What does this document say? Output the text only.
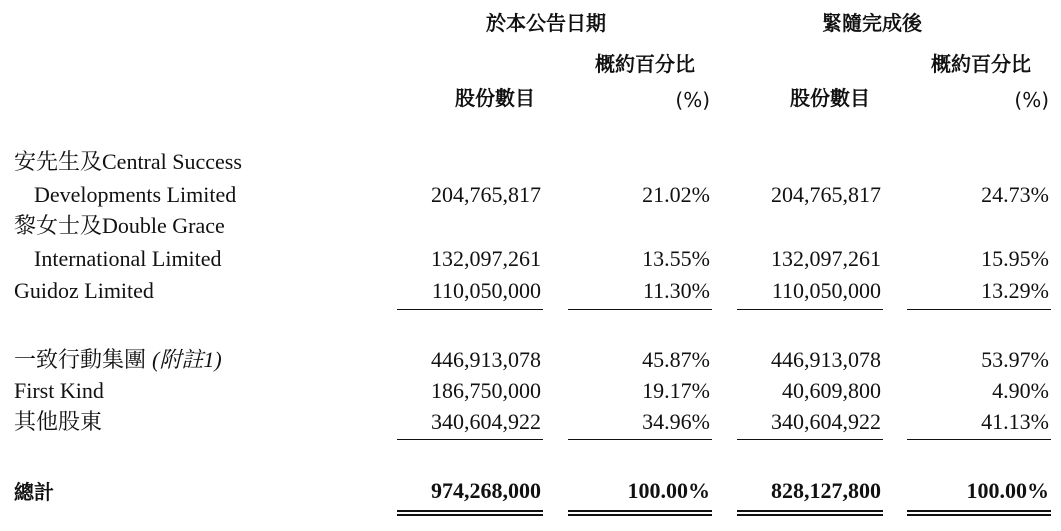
於本公告日期	緊隨完成後
概約百分比	概約百分比
股份數目	股份數目
(%)	(%)
安先生及Central Success
Developments Limited	204,765,817	21.02%	204,765,817	24.73%
黎女士及Double Grace
International Limited	132,097,261	13.55%	132,097,261	15.95%
Guidoz Limited	110,050,000	11.30%	110,050,000	13.29%
一致行動集團 (附註1)	446,913,078	45.87%	446,913,078	53.97%
First Kind	186,750,000	19.17%	40,609,800	4.90%
其他股東	340,604,922	34.96%	340,604,922	41.13%
總計	974,268,000	100.00%	828,127,800	100.00%
